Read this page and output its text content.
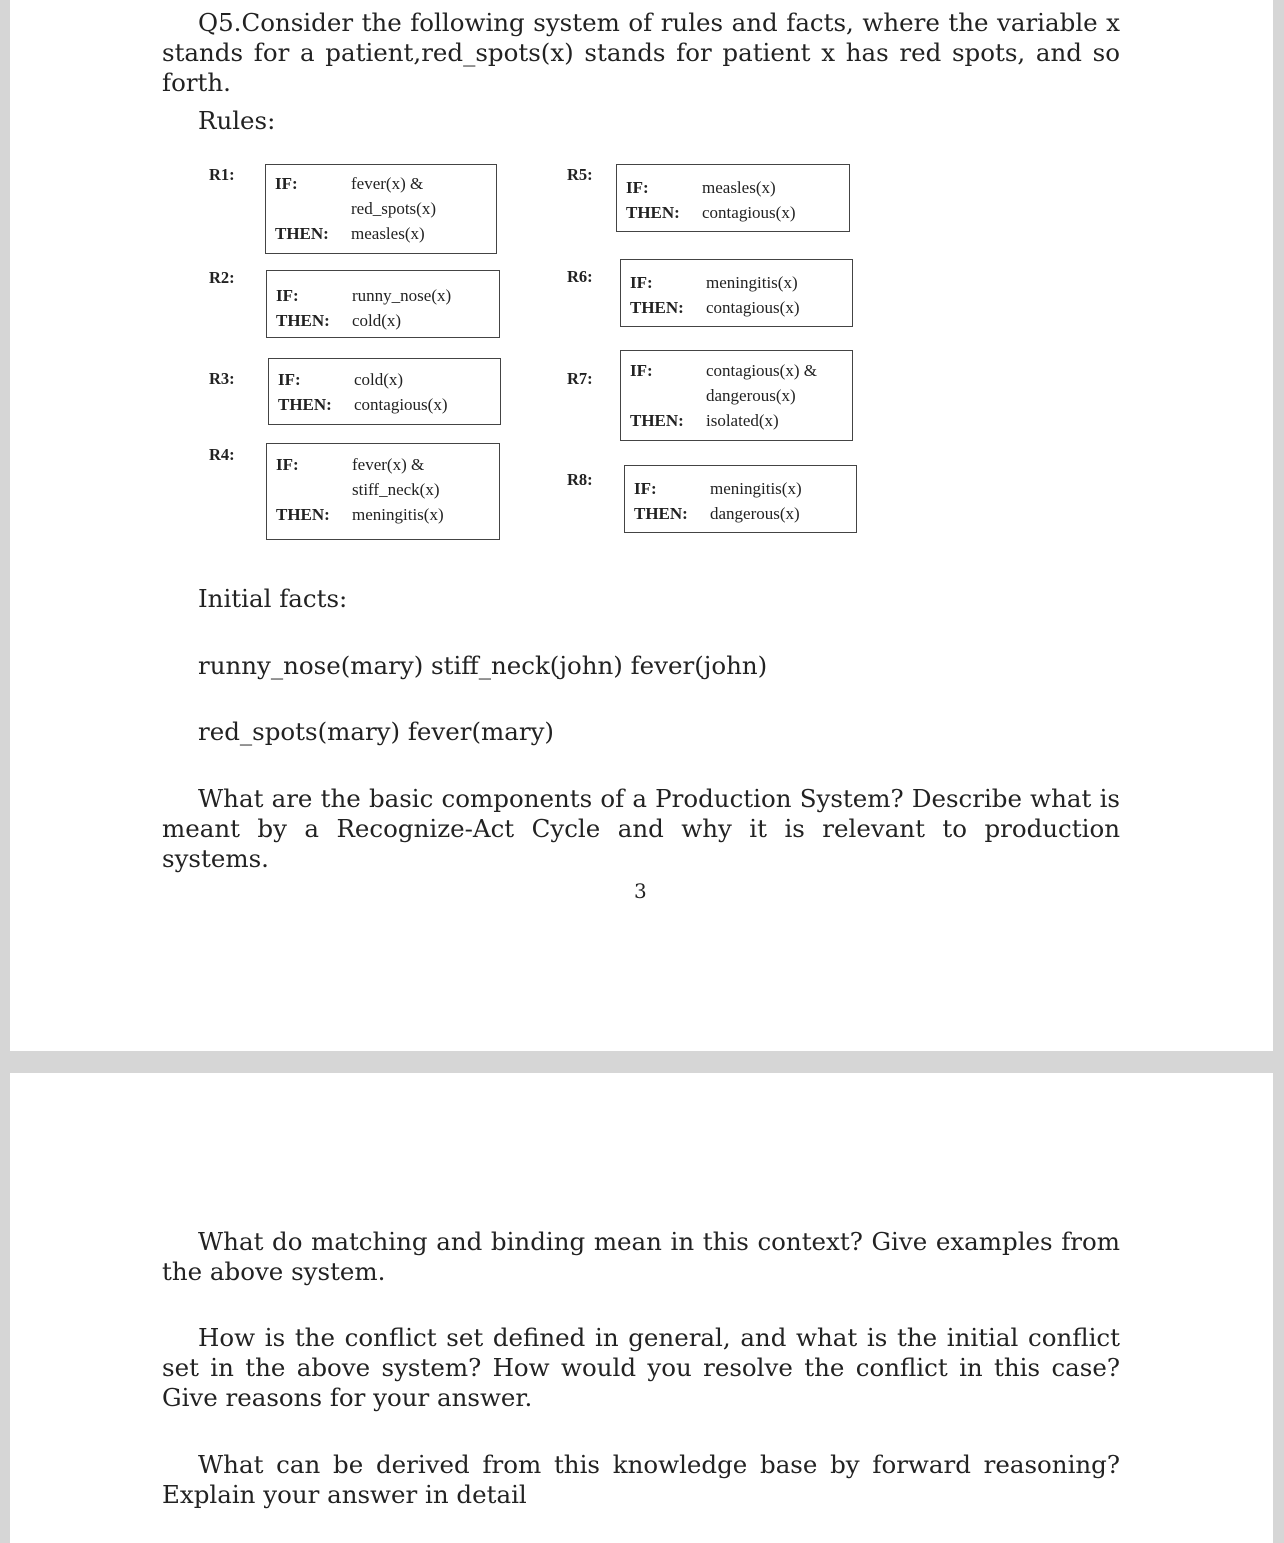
Q5.Consider the following system of rules and facts, where the variable x stands for a patient,red_spots(x) stands for patient x has red spots, and so forth.

Rules:

R1: IF:	fever(x) &
	red_spots(x)
THEN:	measles(x)
R2:
IF:	runny_nose(x)
THEN:	cold(x)
R3:	IF:	cold(x)
THEN:	contagious(x)
R4:
IF:	fever(x) &
	stiff_neck(x)
THEN:	meningitis(x)
R5:
IF:	measles(x)
THEN:	contagious(x)
R6: IF:	meningitis(x)
THEN:	contagious(x)
R7: IF:	contagious(x) &
	dangerous(x)
THEN:	isolated(x)
R8: IF:	meningitis(x)
THEN:	dangerous(x)

Initial facts:

runny_nose(mary) stiff_neck(john) fever(john)

red_spots(mary) fever(mary)

What are the basic components of a Production System? Describe what is meant by a Recognize-Act Cycle and why it is relevant to production systems.

3

What do matching and binding mean in this context? Give examples from the above system.

How is the conflict set defined in general, and what is the initial conflict set in the above system? How would you resolve the conflict in this case? Give reasons for your answer.

What can be derived from this knowledge base by forward reasoning? Explain your answer in detail
